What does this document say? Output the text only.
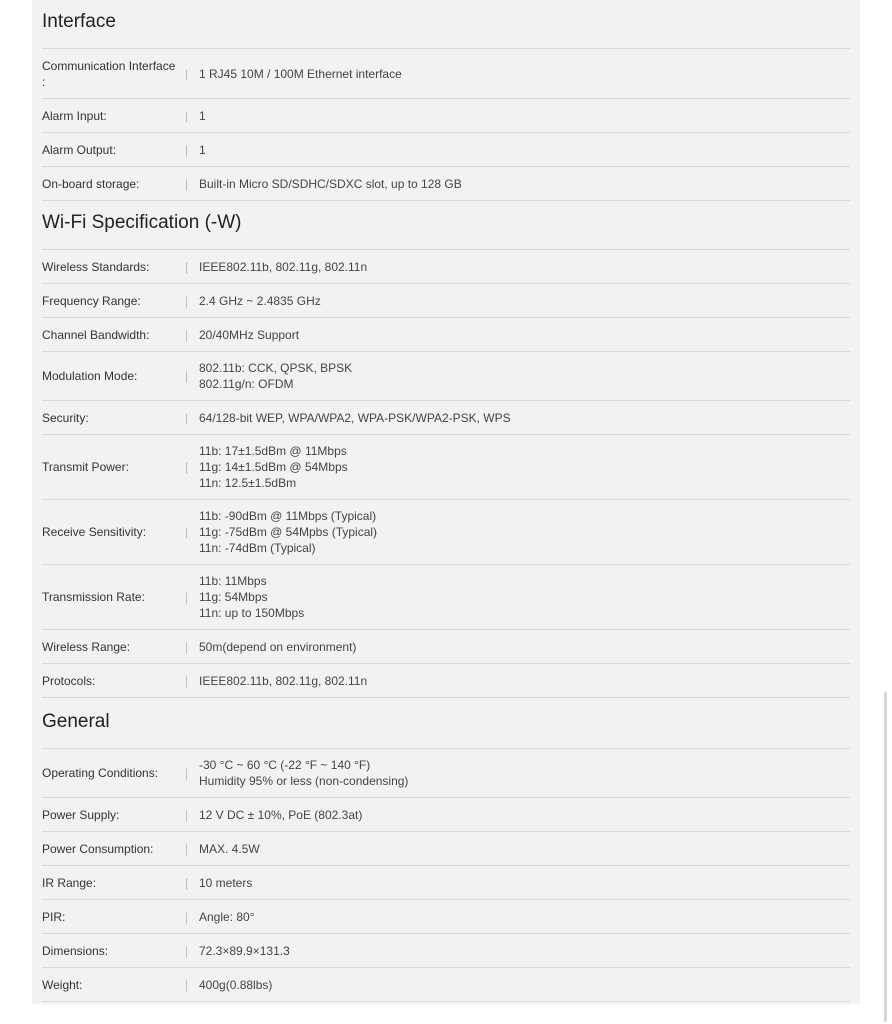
Interface
Communication Interface :
| 1 RJ45 10M / 100M Ethernet interface
Alarm Input:	| 1
Alarm Output:	| 1
On-board storage:	| Built-in Micro SD/SDHC/SDXC slot, up to 128 GB
Wi-Fi Specification (-W)
Wireless Standards:	| IEEE802.11b, 802.11g, 802.11n
Frequency Range:	| 2.4 GHz ~ 2.4835 GHz
Channel Bandwidth:	| 20/40MHz Support
Modulation Mode:	|
802.11b: CCK, QPSK, BPSK
802.11g/n: OFDM
Security:	| 64/128-bit WEP, WPA/WPA2, WPA-PSK/WPA2-PSK, WPS
Transmit Power:	|
11b: 17±1.5dBm @ 11Mbps
11g: 14±1.5dBm @ 54Mbps
11n: 12.5±1.5dBm
Receive Sensitivity:	|
11b: -90dBm @ 11Mbps (Typical)
11g: -75dBm @ 54Mpbs (Typical)
11n: -74dBm (Typical)
Transmission Rate:	|
11b: 11Mbps
11g: 54Mbps
11n: up to 150Mbps
Wireless Range:	| 50m(depend on environment)
Protocols:	| IEEE802.11b, 802.11g, 802.11n
General
Operating Conditions:	|
-30 °C ~ 60 °C (-22 °F ~ 140 °F)
Humidity 95% or less (non-condensing)
Power Supply:	| 12 V DC ± 10%, PoE (802.3at)
Power Consumption:	| MAX. 4.5W
IR Range:	| 10 meters
PIR:	| Angle: 80°
Dimensions:	| 72.3×89.9×131.3
Weight:	| 400g(0.88lbs)
